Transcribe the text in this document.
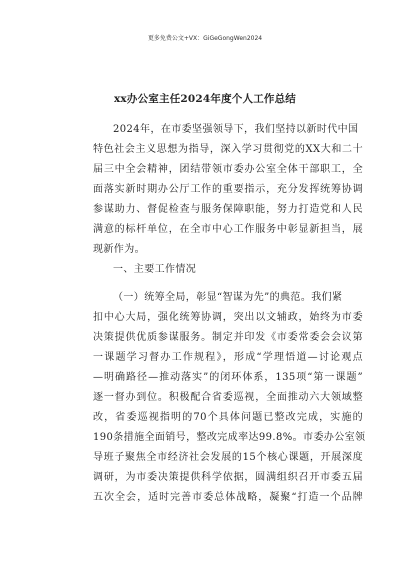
更多免费公文+VX：GiGeGongWen2024
xx办公室主任2024年度个人工作总结
2024年，在市委坚强领导下，我们坚持以新时代中国
特色社会主义思想为指导，深入学习贯彻党的XX大和二十
届三中全会精神，团结带领市委办公室全体干部职工，全
面落实新时期办公厅工作的重要指示，充分发挥统筹协调
参谋助力、督促检查与服务保障职能，努力打造党和人民
满意的标杆单位，在全市中心工作服务中彰显新担当，展
现新作为。
一、主要工作情况
（一）统筹全局，彰显“智谋为先”的典范。我们紧
扣中心大局，强化统筹协调，突出以文辅政，始终为市委
决策提供优质参谋服务。制定并印发《市委常委会会议第
一课题学习督办工作规程》，形成“学理悟道—讨论观点
—明确路径—推动落实”的闭环体系，135项“第一课题”
逐一督办到位。积极配合省委巡视，全面推动六大领域整
改，省委巡视指明的70个具体问题已整改完成，实施的
190条措施全面销号，整改完成率达99.8%。市委办公室领
导班子聚焦全市经济社会发展的15个核心课题，开展深度
调研，为市委决策提供科学依据，圆满组织召开市委五届
五次全会，适时完善市委总体战略，凝聚“打造一个品牌
